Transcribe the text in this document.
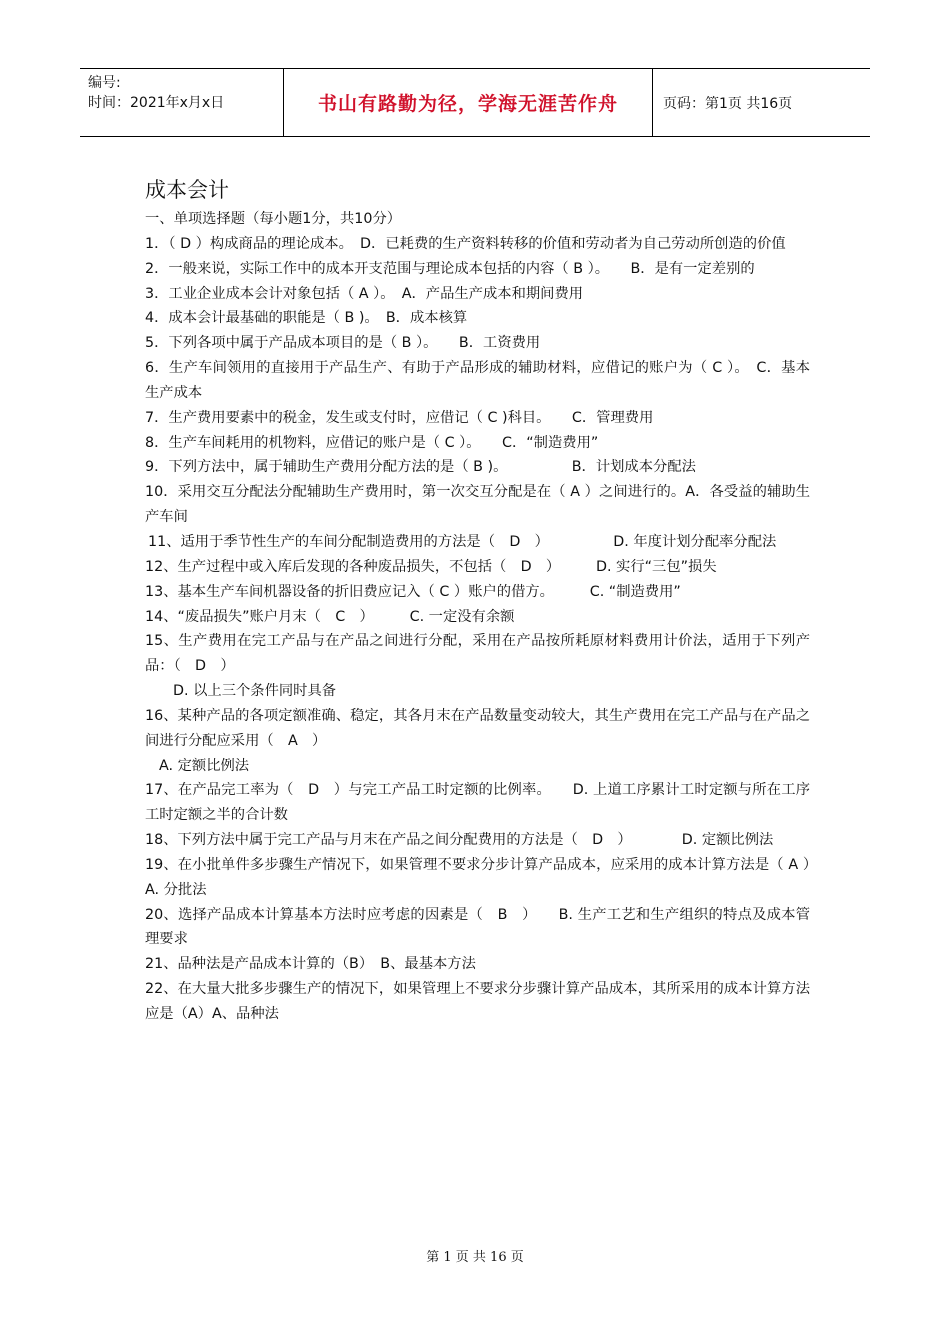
编号:
时间：2021年x月x日	书山有路勤为径，学海无涯苦作舟	页码：第1页 共16页
成本会计

一、单项选择题（每小题1分，共10分）

1．（ D ）构成商品的理论成本。　D．已耗费的生产资料转移的价值和劳动者为自己劳动所创造的价值

2．一般来说，实际工作中的成本开支范围与理论成本包括的内容（ B ）。　　B．是有一定差别的

3．工业企业成本会计对象包括（ A ）。　A．产品生产成本和期间费用

4．成本会计最基础的职能是（ B )。　B．成本核算

5．下列各项中属于产品成本项目的是（ B ）。　　B．工资费用

6．生产车间领用的直接用于产品生产、有助于产品形成的辅助材料，应借记的账户为（ C ）。　C．基本生产成本

7．生产费用要素中的税金，发生或支付时，应借记（ C )科目。　　C．管理费用

8．生产车间耗用的机物料，应借记的账户是（ C ）。　　C．“制造费用”

9．下列方法中，属于辅助生产费用分配方法的是（ B )。　　　　　B．计划成本分配法

10．采用交互分配法分配辅助生产费用时，第一次交互分配是在（ A ）之间进行的。A．各受益的辅助生产车间

11、适用于季节性生产的车间分配制造费用的方法是（　D　）　　　　　D. 年度计划分配率分配法

12、生产过程中或入库后发现的各种废品损失，不包括（　D　）　　　D. 实行“三包”损失

13、基本生产车间机器设备的折旧费应记入（ C ）账户的借方。　　　C. “制造费用”

14、“废品损失”账户月末（　C　）　　　C. 一定没有余额

15、生产费用在完工产品与在产品之间进行分配，采用在产品按所耗原材料费用计价法，适用于下列产品：（　D　）

D. 以上三个条件同时具备

16、某种产品的各项定额准确、稳定，其各月末在产品数量变动较大，其生产费用在完工产品与在产品之间进行分配应采用（　A　）

A. 定额比例法

17、在产品完工率为（　D　）与完工产品工时定额的比例率。　　D. 上道工序累计工时定额与所在工序工时定额之半的合计数

18、下列方法中属于完工产品与月末在产品之间分配费用的方法是（　D　）　　　　D. 定额比例法

19、在小批单件多步骤生产情况下，如果管理不要求分步计算产品成本，应采用的成本计算方法是（ A ）　　A. 分批法

20、选择产品成本计算基本方法时应考虑的因素是（　B　）　　B. 生产工艺和生产组织的特点及成本管理要求

21、品种法是产品成本计算的（B）　B、最基本方法

22、在大量大批多步骤生产的情况下，如果管理上不要求分步骤计算产品成本，其所采用的成本计算方法应是（A）A、品种法

第 1 页 共 16 页
